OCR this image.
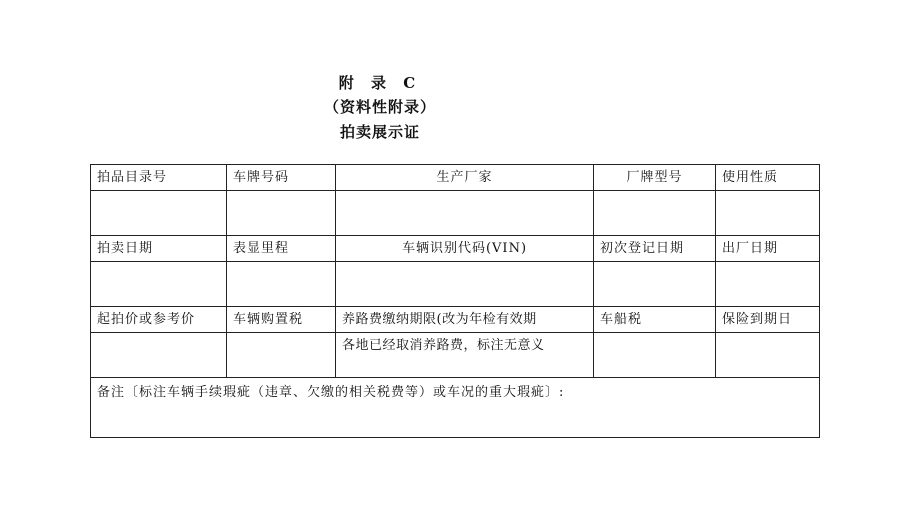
附 录 C
（资料性附录）
拍卖展示证
拍品目录号	车牌号码	生产厂家	厂牌型号	使用性质

拍卖日期	表显里程	车辆识别代码(VIN)	初次登记日期	出厂日期

起拍价或参考价	车辆购置税	养路费缴纳期限(改为年检有效期	车船税	保险到期日

		各地已经取消养路费，标注无意义		

备注〔标注车辆手续瑕疵（违章、欠缴的相关税费等）或车况的重大瑕疵〕:				
